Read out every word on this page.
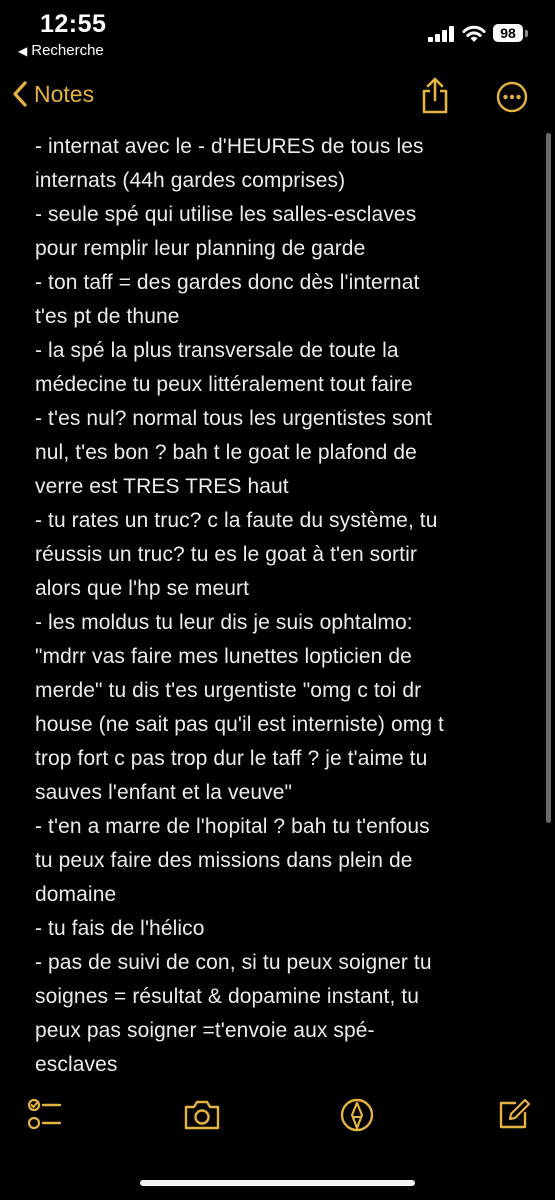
12:55
◀ Recherche
98
Notes
- internat avec le - d'HEURES de tous les
internats (44h gardes comprises)
- seule spé qui utilise les salles-esclaves
pour remplir leur planning de garde
- ton taff = des gardes donc dès l'internat
t'es pt de thune
- la spé la plus transversale de toute la
médecine tu peux littéralement tout faire
- t'es nul? normal tous les urgentistes sont
nul, t'es bon ? bah t le goat le plafond de
verre est TRES TRES haut
- tu rates un truc? c la faute du système, tu
réussis un truc? tu es le goat à t'en sortir
alors que l'hp se meurt
- les moldus tu leur dis je suis ophtalmo:
"mdrr vas faire mes lunettes lopticien de
merde" tu dis t'es urgentiste "omg c toi dr
house (ne sait pas qu'il est interniste) omg t
trop fort c pas trop dur le taff ? je t'aime tu
sauves l'enfant et la veuve"
- t'en a marre de l'hopital ? bah tu t'enfous
tu peux faire des missions dans plein de
domaine
- tu fais de l'hélico
- pas de suivi de con, si tu peux soigner tu
soignes = résultat & dopamine instant, tu
peux pas soigner =t'envoie aux spé-
esclaves
